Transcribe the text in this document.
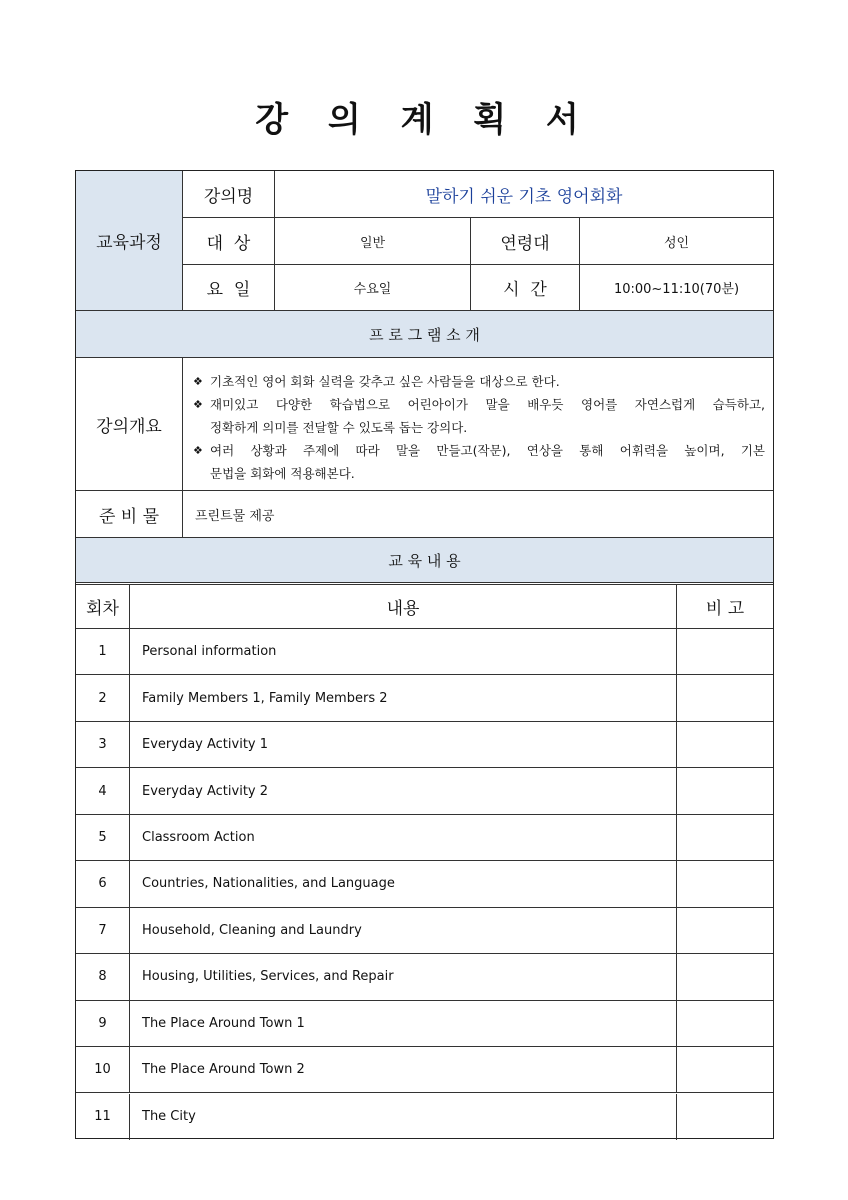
강 의 계 획 서
교육과정
강의명	말하기 쉬운 기초 영어회화
대  상	일반	연령대	성인
요  일	수요일	시  간	10:00~11:10(70분)
프 로 그 램 소 개
강의개요
❖ 기초적인 영어 회화 실력을 갖추고 싶은 사람들을 대상으로 한다.
❖ 재미있고 다양한 학습법으로 어린아이가 말을 배우듯 영어를 자연스럽게 습득하고,
정확하게 의미를 전달할 수 있도록 돕는 강의다.
❖ 여러 상황과 주제에 따라 말을 만들고(작문), 연상을 통해 어휘력을 높이며, 기본
문법을 회화에 적용해본다.
준 비 물	프린트물 제공
교 육 내 용
회차	내용	비 고
1	Personal information
2	Family Members 1, Family Members 2
3	Everyday Activity 1
4	Everyday Activity 2
5	Classroom Action
6	Countries, Nationalities, and Language
7	Household, Cleaning and Laundry
8	Housing, Utilities, Services, and Repair
9	The Place Around Town 1
10	The Place Around Town 2
11	The City
